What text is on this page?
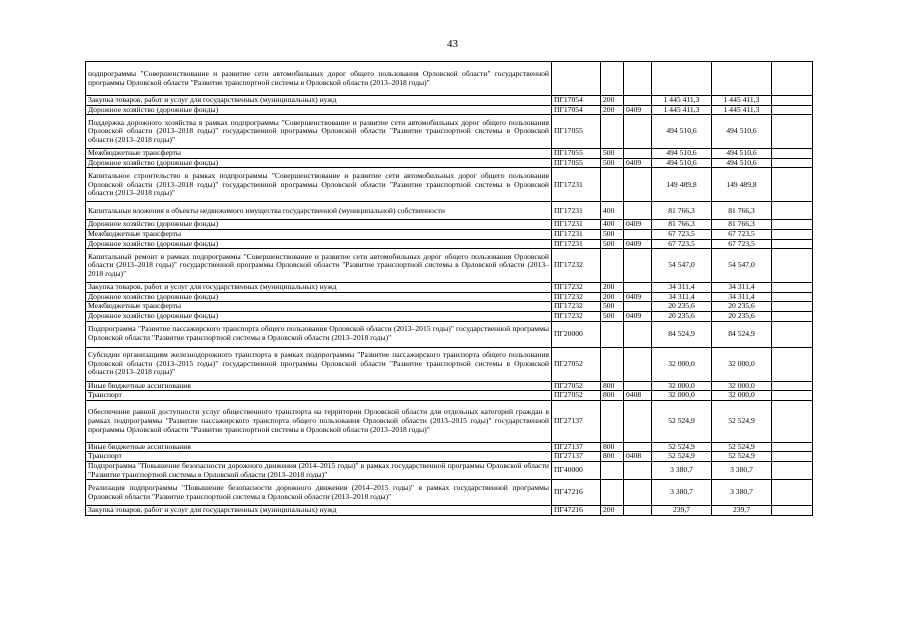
43
подпрограммы "Совершенствование и развитие сети автомобильных дорог общего пользования Орловской области" государственной программы Орловской области "Развитие транспортной системы в Орловской области (2013–2018 годы)"						
Закупка товаров, работ и услуг для государственных (муниципальных) нужд	ПГ17054	200		1 445 411,3	1 445 411,3	
Дорожное хозяйство (дорожные фонды)	ПГ17054	200	0409	1 445 411,3	1 445 411,3	
Поддержка дорожного хозяйства в рамках подпрограммы "Совершенствование и развитие сети автомобильных дорог общего пользования Орловской области (2013–2018 годы)" государственной программы Орловской области "Развитие транспортной системы в Орловской области (2013–2018 годы)"	ПГ17055			494 510,6	494 510,6	
Межбюджетные трансферты	ПГ17055	500		494 510,6	494 510,6	
Дорожное хозяйство (дорожные фонды)	ПГ17055	500	0409	494 510,6	494 510,6	
Капитальное строительство в рамках подпрограммы "Совершенствование и развитие сети автомобильных дорог общего пользования Орловской области (2013–2018 годы)" государственной программы Орловской области "Развитие транспортной системы в Орловской области (2013–2018 годы)"	ПГ17231			149 489,8	149 489,8	
Капитальные вложения в объекты недвижимого имущества государственной (муниципальной) собственности	ПГ17231	400		81 766,3	81 766,3	
Дорожное хозяйство (дорожные фонды)	ПГ17231	400	0409	81 766,3	81 766,3	
Межбюджетные трансферты	ПГ17231	500		67 723,5	67 723,5	
Дорожное хозяйство (дорожные фонды)	ПГ17231	500	0409	67 723,5	67 723,5	
Капитальный ремонт в рамках подпрограммы "Совершенствование и развитие сети автомобильных дорог общего пользования Орловской области (2013–2018 годы)" государственной программы Орловской области "Развитие транспортной системы в Орловской области (2013–2018 годы)"	ПГ17232			54 547,0	54 547,0	
Закупка товаров, работ и услуг для государственных (муниципальных) нужд	ПГ17232	200		34 311,4	34 311,4	
Дорожное хозяйство (дорожные фонды)	ПГ17232	200	0409	34 311,4	34 311,4	
Межбюджетные трансферты	ПГ17232	500		20 235,6	20 235,6	
Дорожное хозяйство (дорожные фонды)	ПГ17232	500	0409	20 235,6	20 235,6	
Подпрограмма "Развитие пассажирского транспорта общего пользования Орловской области (2013–2015 годы)" государственной программы Орловской области "Развитие транспортной системы в Орловской области (2013–2018 годы)"	ПГ20000			84 524,9	84 524,9	
Субсидии организациям железнодорожного транспорта в рамках подпрограммы "Развитие пассажирского транспорта общего пользования Орловской области (2013–2015 годы)" государственной программы Орловской области "Развитие транспортной системы в Орловской области (2013–2018 годы)"	ПГ27052			32 000,0	32 000,0	
Иные бюджетные ассигнования	ПГ27052	800		32 000,0	32 000,0	
Транспорт	ПГ27052	800	0408	32 000,0	32 000,0	
Обеспечение равной доступности услуг общественного транспорта на территории Орловской области для отдельных категорий граждан в рамках подпрограммы "Развитие пассажирского транспорта общего пользования Орловской области (2013–2015 годы)" государственной программы Орловской области "Развитие транспортной системы в Орловской области (2013–2018 годы)"	ПГ27137			52 524,9	52 524,9	
Иные бюджетные ассигнования	ПГ27137	800		52 524,9	52 524,9	
Транспорт	ПГ27137	800	0408	52 524,9	52 524,9	
Подпрограмма "Повышение безопасности дорожного движения (2014–2015 годы)" в рамках государственной программы Орловской области "Развитие транспортной системы в Орловской области (2013–2018 годы)"	ПГ40000			3 380,7	3 380,7	
Реализация подпрограммы "Повышение безопасности дорожного движения (2014–2015 годы)" в рамках государственной программы Орловской области "Развитие транспортной системы в Орловской области (2013–2018 годы)"	ПГ47216			3 380,7	3 380,7	
Закупка товаров, работ и услуг для государственных (муниципальных) нужд	ПГ47216	200		239,7	239,7	
